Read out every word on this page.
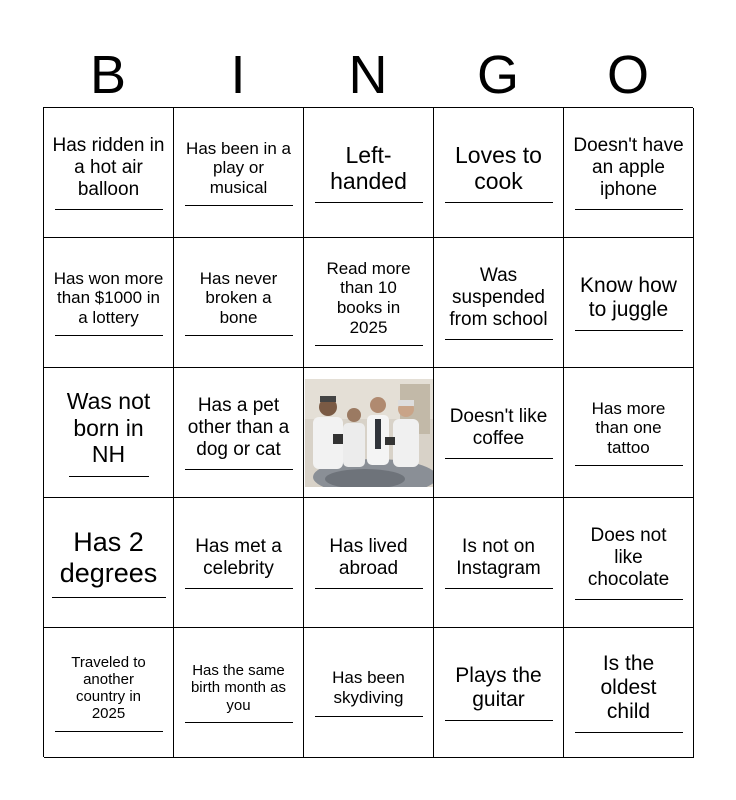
B	I	N	G	O
Has ridden in a hot air balloon
Has been in a play or musical
Left-handed
Loves to cook
Doesn't have an apple iphone
Has won more than $1000 in a lottery
Has never broken a bone
Read more than 10 books in 2025
Was suspended from school
Know how to juggle
Was not born in NH
Has a pet other than a dog or cat
Doesn't like coffee
Has more than one tattoo
Has 2 degrees
Has met a celebrity
Has lived abroad
Is not on Instagram
Does not like chocolate
Traveled to another country in 2025
Has the same birth month as you
Has been skydiving
Plays the guitar
Is the oldest child
